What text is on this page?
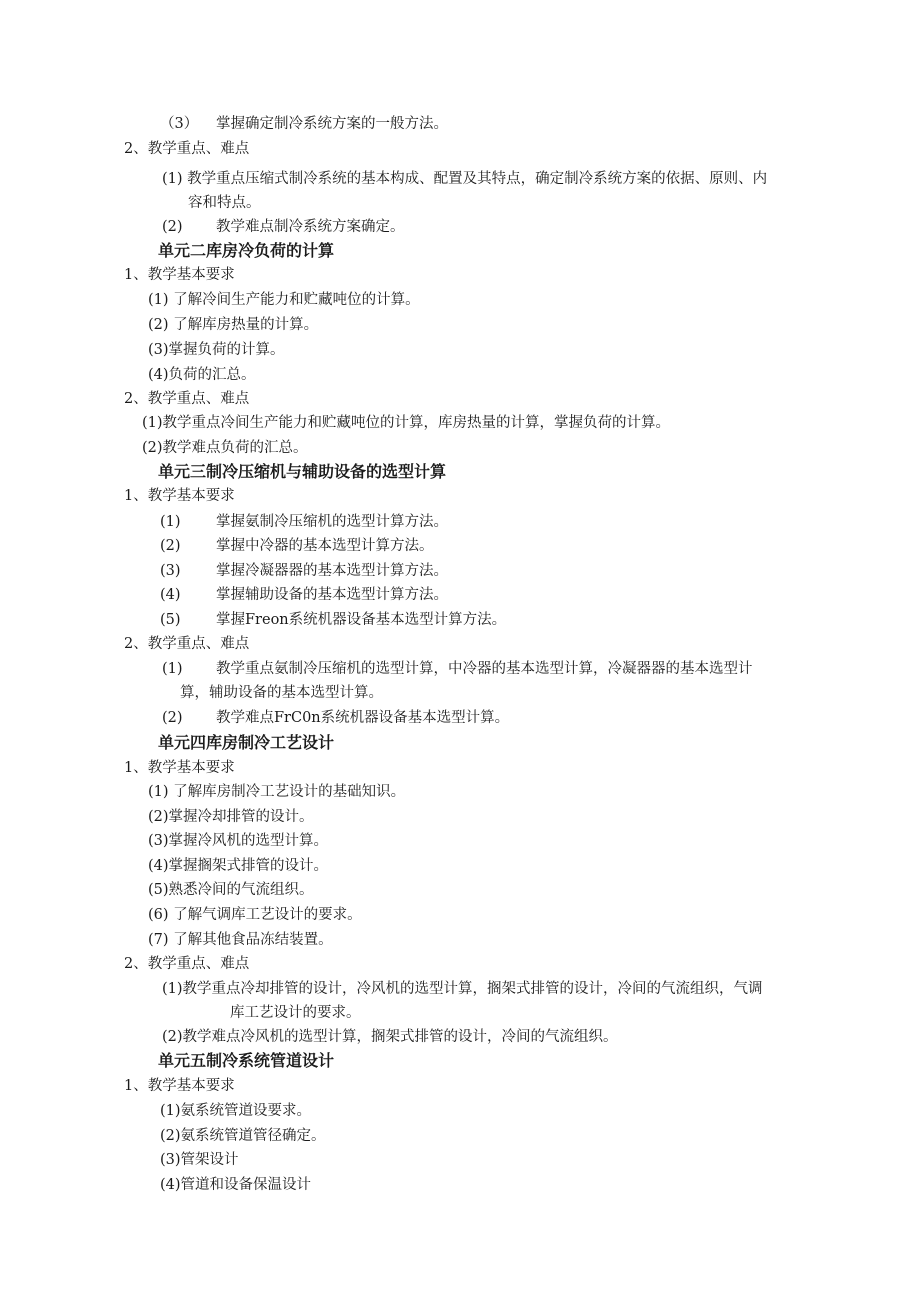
（3） 掌握确定制冷系统方案的一般方法。
2、教学重点、难点
(1) 教学重点压缩式制冷系统的基本构成、配置及其特点，确定制冷系统方案的依据、原则、内
容和特点。
(2) 教学难点制冷系统方案确定。
单元二库房冷负荷的计算
1、教学基本要求
(1) 了解冷间生产能力和贮藏吨位的计算。
(2) 了解库房热量的计算。
(3)掌握负荷的计算。
(4)负荷的汇总。
2、教学重点、难点
(1)教学重点冷间生产能力和贮藏吨位的计算，库房热量的计算，掌握负荷的计算。
(2)教学难点负荷的汇总。
单元三制冷压缩机与辅助设备的选型计算
1、教学基本要求
(1) 掌握氨制冷压缩机的选型计算方法。
(2) 掌握中冷器的基本选型计算方法。
(3) 掌握冷凝器器的基本选型计算方法。
(4) 掌握辅助设备的基本选型计算方法。
(5) 掌握Freon系统机器设备基本选型计算方法。
2、教学重点、难点
(1) 教学重点氨制冷压缩机的选型计算，中冷器的基本选型计算，冷凝器器的基本选型计
算，辅助设备的基本选型计算。
(2) 教学难点FrC0n系统机器设备基本选型计算。
单元四库房制冷工艺设计
1、教学基本要求
(1) 了解库房制冷工艺设计的基础知识。
(2)掌握冷却排管的设计。
(3)掌握冷风机的选型计算。
(4)掌握搁架式排管的设计。
(5)熟悉冷间的气流组织。
(6) 了解气调库工艺设计的要求。
(7) 了解其他食品冻结装置。
2、教学重点、难点
(1)教学重点冷却排管的设计，冷风机的选型计算，搁架式排管的设计，冷间的气流组织，气调
库工艺设计的要求。
(2)教学难点冷风机的选型计算，搁架式排管的设计，冷间的气流组织。
单元五制冷系统管道设计
1、教学基本要求
(1)氨系统管道设要求。
(2)氨系统管道管径确定。
(3)管架设计
(4)管道和设备保温设计
